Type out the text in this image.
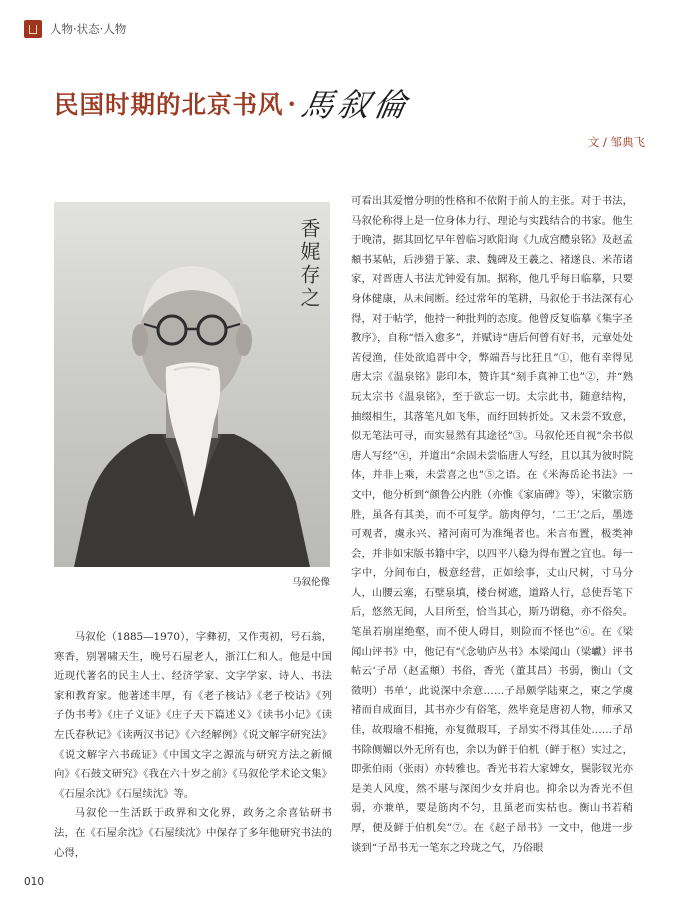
人物·状态·人物
民国时期的北京书风 · 馬叙倫
文 / 邹典飞
香娓存之
马叙伦像

马叙伦（1885—1970），字彝初，又作夷初，号石翁，寒香，别署啸天生，晚号石屋老人，浙江仁和人。他是中国近现代著名的民主人士、经济学家、文字学家、诗人、书法家和教育家。他著述丰厚，有《老子核诂》《老子校诂》《列子伪书考》《庄子义证》《庄子天下篇述义》《读书小记》《读左氏春秋记》《读两汉书记》《六经解例》《说文解字研究法》《说文解字六书疏证》《中国文字之源流与研究方法之新倾向》《石鼓文研究》《我在六十岁之前》《马叙伦学术论文集》《石屋余沈》《石屋续沈》等。

马叙伦一生活跃于政界和文化界，政务之余喜钻研书法，在《石屋余沈》《石屋续沈》中保存了多年他研究书法的心得，

可看出其爱憎分明的性格和不依附于前人的主张。对于书法，马叙伦称得上是一位身体力行、理论与实践结合的书家。他生于晚清，据其回忆早年曾临习欧阳询《九成宫醴泉铭》及赵孟頫书某帖，后涉猎于篆、隶、魏碑及王羲之、褚遂良、米芾诸家，对晋唐人书法尤钟爱有加。据称，他几乎每日临摹，只要身体健康，从未间断。经过常年的笔耕，马叙伦于书法深有心得，对于帖学，他持一种批判的态度。他曾反复临摹《集字圣教序》，自称“悟入愈多”，并赋诗“唐后何曾有好书，元章处处苦侵渔，佳处欲追晋中令，弊端吾与比狂且”①，他有幸得见唐太宗《温泉铭》影印本，赞许其“刻手真神工也”②，并“熟玩太宗书《温泉铭》，至于欲忘一切。太宗此书，随意结构，抽缀相生，其落笔凡如飞隼，而纡回转折处。又未尝不致意，似无笔法可寻，而实显然有其途径”③。马叙伦还自视“余书似唐人写经”④，并道出“余固未尝临唐人写经，且以其为彼时院体，并非上乘，未尝喜之也”⑤之语。在《米海岳论书法》一文中，他分析到“颜鲁公内胜（亦惟《家庙碑》等），宋徽宗筋胜，虽各有其美，而不可复学。筋肉停匀，‘二王’之后，墨迹可观者，虞永兴、褚河南可为准绳者也。米言布置，极类神会，并非如宋版书籍中字，以四平八稳为得布置之宜也。每一字中，分间布白，极意经营，正如绘事，丈山尺树，寸马分人，山腰云塞，石壁泉填，楼台树遮，道路人行，总使吾笔下后，悠然无间，人目所至，恰当其心，斯乃谓稳，亦不俗矣。笔虽若崩崖绝壑，而不使人碍目，则险而不怪也”⑥。在《梁闻山评书》中，他记有“《念劬庐丛书》本梁闻山（梁巘）评书帖云‘子昂（赵孟頫）书俗，香光（董其昌）书弱，衡山（文徵明）书单’，此说深中余意……子昂颇学陆柬之，柬之学虞褚而自成面目，其书亦少有俗笔，然毕竟是唐初人物，师承又佳，故瑕瑜不相掩，亦复微瑕耳，子昂实不得其佳处……子昂书除侧媚以外无所有也，余以为鲜于伯机（鲜于枢）实过之，即张伯雨（张雨）亦转雅也。香光书若大家婢女，鬓影钗光亦是美人风度，然不堪与深闺少女并肩也。抑余以为香光不但弱，亦兼单，要是筋肉不匀，且虽老而实枯也。衡山书若稍厚，便及鲜于伯机矣”⑦。在《赵子昂书》一文中，他进一步谈到“子昂书无一笔东之玲珑之气，乃俗眼

010
